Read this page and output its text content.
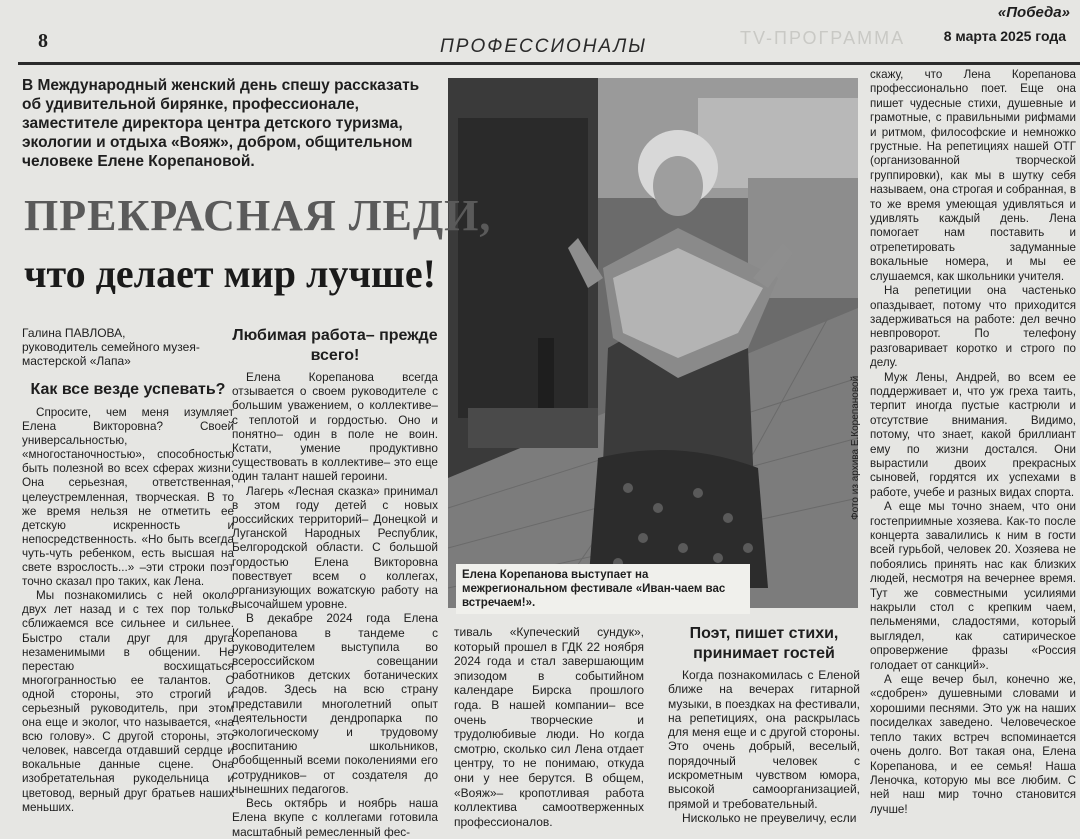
8	ПРОФЕССИОНАЛЫ	ТV-ПРОГРАММА
«Победа»
8 марта 2025 года
В Международный женский день спешу рассказать об удивительной бирянке, профессионале, заместителе директора центра детского туризма, экологии и отдыха «Вояж», добром, общительном человеке Елене Корепановой.
Елена Корепанова выступает на межрегиональном фестивале «Иван-чаем вас встречаем!».
Фото из архива Е.Корепановой
ПРЕКРАСНАЯ ЛЕДИ,
что делает мир лучше!
Галина ПАВЛОВА,
руководитель семейного музея-мастерской «Лапа»
Как все везде успевать?

Спросите, чем меня изумляет Елена Викторовна? Своей универсальностью, «многостаночностью», способностью быть полезной во всех сферах жизни. Она серьезная, ответственная, целеустремленная, творческая. В то же время нельзя не отметить ее детскую искренность и непосредственность. «Но быть всегда чуть-чуть ребенком, есть высшая на свете взрослость...» –эти строки поэт точно сказал про таких, как Лена.

Мы познакомились с ней около двух лет назад и с тех пор только сближаемся все сильнее и сильнее. Быстро стали друг для друга незаменимыми в общении. Не перестаю восхищаться многогранностью ее талантов. С одной стороны, это строгий и серьезный руководитель, при этом она еще и эколог, что называется, «на всю голову». С другой стороны, это человек, навсегда отдавший сердце и вокальные данные сцене. Она изобретательная рукодельница и цветовод, верный друг братьев наших меньших.

Любимая работа– прежде всего!

Елена Корепанова всегда отзывается о своем руководителе с большим уважением, о коллективе– с теплотой и гордостью. Оно и понятно– один в поле не воин. Кстати, умение продуктивно существовать в коллективе– это еще один талант нашей героини.

Лагерь «Лесная сказка» принимал в этом году детей с новых российских территорий– Донецкой и Луганской Народных Республик, Белгородской области. С большой гордостью Елена Викторовна повествует всем о коллегах, организующих вожатскую работу на высочайшем уровне.

В декабре 2024 года Елена Корепанова в тандеме с руководителем выступила во всероссийском совещании работников детских ботанических садов. Здесь на всю страну представили многолетний опыт деятельности дендропарка по экологическому и трудовому воспитанию школьников, обобщенный всеми поколениями его сотрудников– от создателя до нынешних педагогов.

Весь октябрь и ноябрь наша Елена вкупе с коллегами готовила масштабный ремесленный фес-

тиваль «Купеческий сундук», который прошел в ГДК 22 ноября 2024 года и стал завершающим эпизодом в событийном календаре Бирска прошлого года. В нашей компании– все очень творческие и трудолюбивые люди. Но когда смотрю, сколько сил Лена отдает центру, то не понимаю, откуда они у нее берутся. В общем, «Вояж»– кропотливая работа коллектива самоотверженных профессионалов.

Поэт, пишет стихи, принимает гостей

Когда познакомилась с Еленой ближе на вечерах гитарной музыки, в поездках на фестивали, на репетициях, она раскрылась для меня еще и с другой стороны. Это очень добрый, веселый, порядочный человек с искрометным чувством юмора, высокой самоорганизацией, прямой и требовательный.

Нисколько не преувеличу, если

скажу, что Лена Корепанова профессионально поет. Еще она пишет чудесные стихи, душевные и грамотные, с правильными рифмами и ритмом, философские и немножко грустные. На репетициях нашей ОТГ (организованной творческой группировки), как мы в шутку себя называем, она строгая и собранная, в то же время умеющая удивляться и удивлять каждый день. Лена помогает нам поставить и отрепетировать задуманные вокальные номера, и мы ее слушаемся, как школьники учителя.

На репетиции она частенько опаздывает, потому что приходится задерживаться на работе: дел вечно невпроворот. По телефону разговаривает коротко и строго по делу.

Муж Лены, Андрей, во всем ее поддерживает и, что уж греха таить, терпит иногда пустые кастрюли и отсутствие внимания. Видимо, потому, что знает, какой бриллиант ему по жизни достался. Они вырастили двоих прекрасных сыновей, гордятся их успехами в работе, учебе и разных видах спорта.

А еще мы точно знаем, что они гостеприимные хозяева. Как-то после концерта завалились к ним в гости всей гурьбой, человек 20. Хозяева не побоялись принять нас как близких людей, несмотря на вечернее время. Тут же совместными усилиями накрыли стол с крепким чаем, пельменями, сладостями, который выглядел, как сатирическое опровержение фразы «Россия голодает от санкций».

А еще вечер был, конечно же, «сдобрен» душевными словами и хорошими песнями. Это уж на наших посиделках заведено. Человеческое тепло таких встреч вспоминается очень долго. Вот такая она, Елена Корепанова, и ее семья! Наша Леночка, которую мы все любим. С ней наш мир точно становится лучше!
